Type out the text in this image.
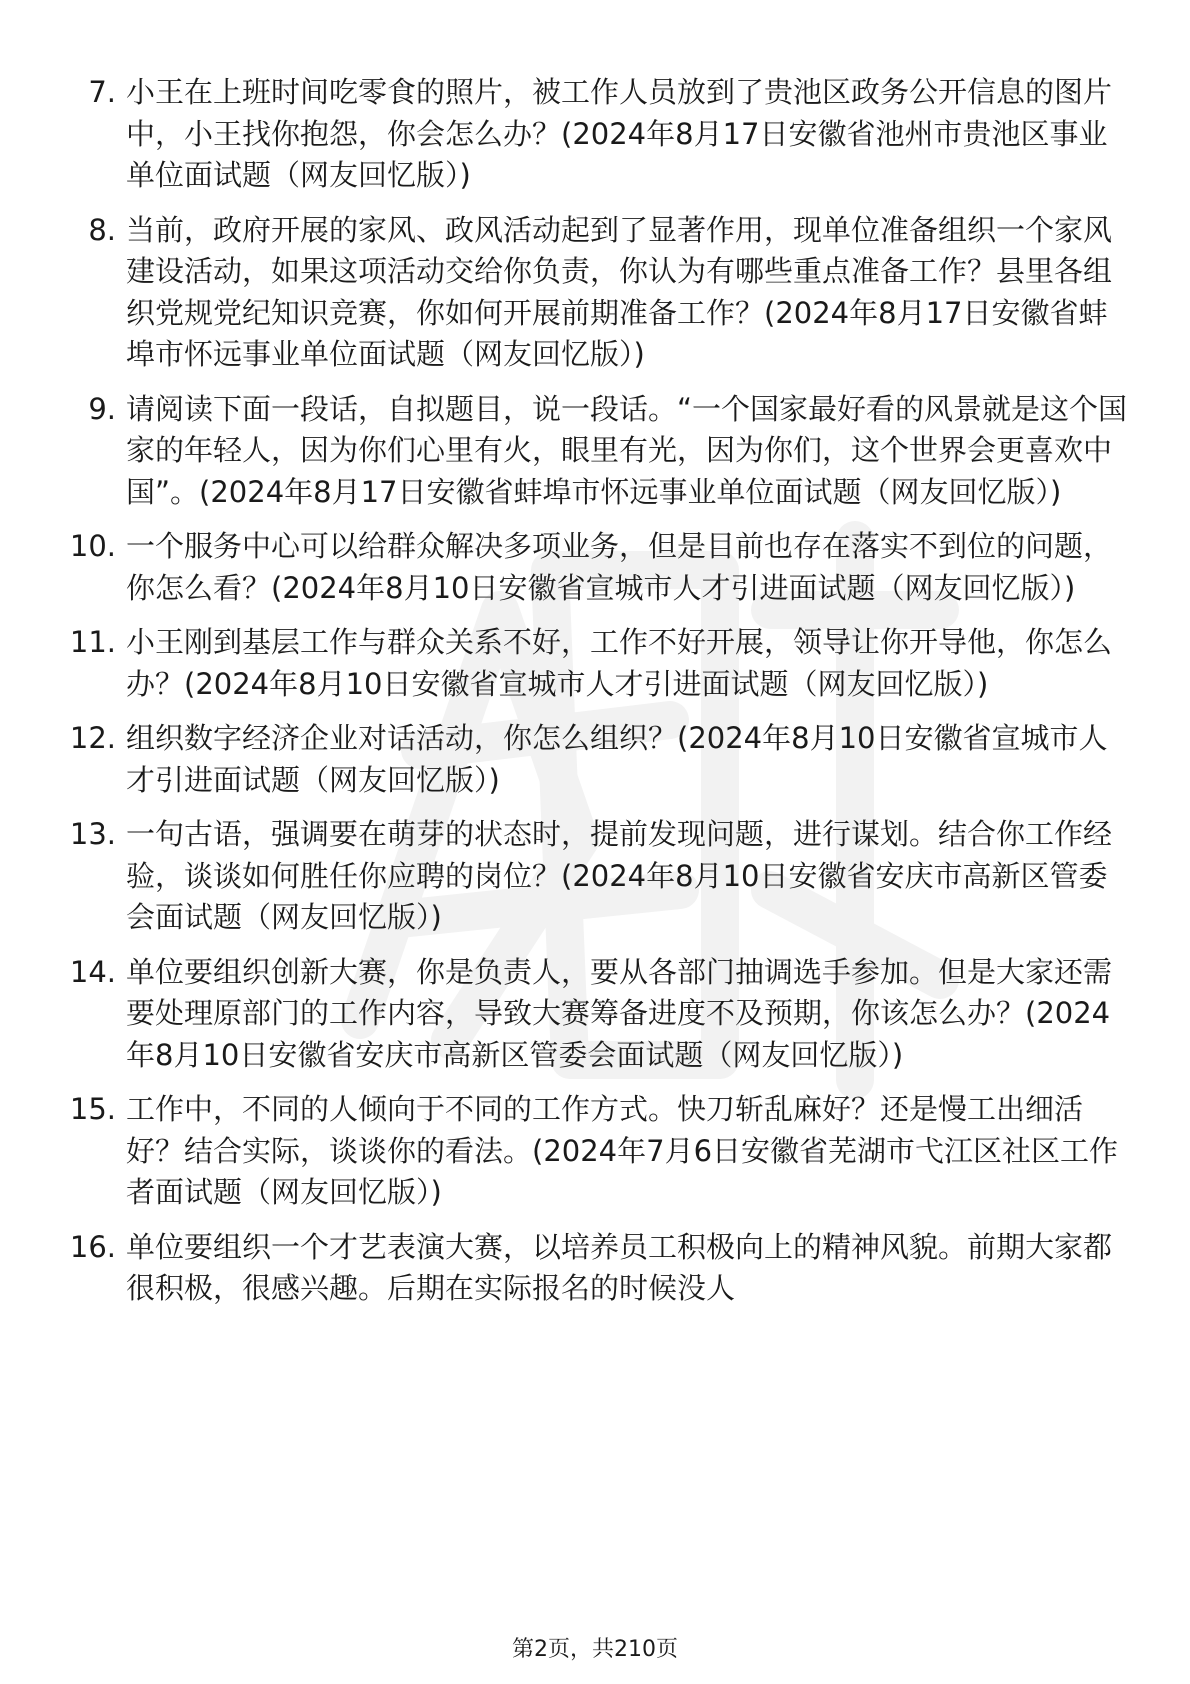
7. 小王在上班时间吃零食的照片，被工作人员放到了贵池区政务公开信息的图片中，小王找你抱怨，你会怎么办？(2024年8月17日安徽省池州市贵池区事业单位面试题（网友回忆版）)
8. 当前，政府开展的家风、政风活动起到了显著作用，现单位准备组织一个家风建设活动，如果这项活动交给你负责，你认为有哪些重点准备工作？县里各组织党规党纪知识竞赛，你如何开展前期准备工作？(2024年8月17日安徽省蚌埠市怀远事业单位面试题（网友回忆版）)
9. 请阅读下面一段话，自拟题目，说一段话。“一个国家最好看的风景就是这个国家的年轻人，因为你们心里有火，眼里有光，因为你们，这个世界会更喜欢中国”。(2024年8月17日安徽省蚌埠市怀远事业单位面试题（网友回忆版）)
10. 一个服务中心可以给群众解决多项业务，但是目前也存在落实不到位的问题，你怎么看？(2024年8月10日安徽省宣城市人才引进面试题（网友回忆版）)
11. 小王刚到基层工作与群众关系不好，工作不好开展，领导让你开导他，你怎么办？(2024年8月10日安徽省宣城市人才引进面试题（网友回忆版）)
12. 组织数字经济企业对话活动，你怎么组织？(2024年8月10日安徽省宣城市人才引进面试题（网友回忆版）)
13. 一句古语，强调要在萌芽的状态时，提前发现问题，进行谋划。结合你工作经验，谈谈如何胜任你应聘的岗位？(2024年8月10日安徽省安庆市高新区管委会面试题（网友回忆版）)
14. 单位要组织创新大赛，你是负责人，要从各部门抽调选手参加。但是大家还需要处理原部门的工作内容，导致大赛筹备进度不及预期，你该怎么办？(2024年8月10日安徽省安庆市高新区管委会面试题（网友回忆版）)
15. 工作中，不同的人倾向于不同的工作方式。快刀斩乱麻好？还是慢工出细活好？结合实际，谈谈你的看法。(2024年7月6日安徽省芜湖市弋江区社区工作者面试题（网友回忆版）)
16. 单位要组织一个才艺表演大赛，以培养员工积极向上的精神风貌。前期大家都很积极，很感兴趣。后期在实际报名的时候没人
第2页，共210页
